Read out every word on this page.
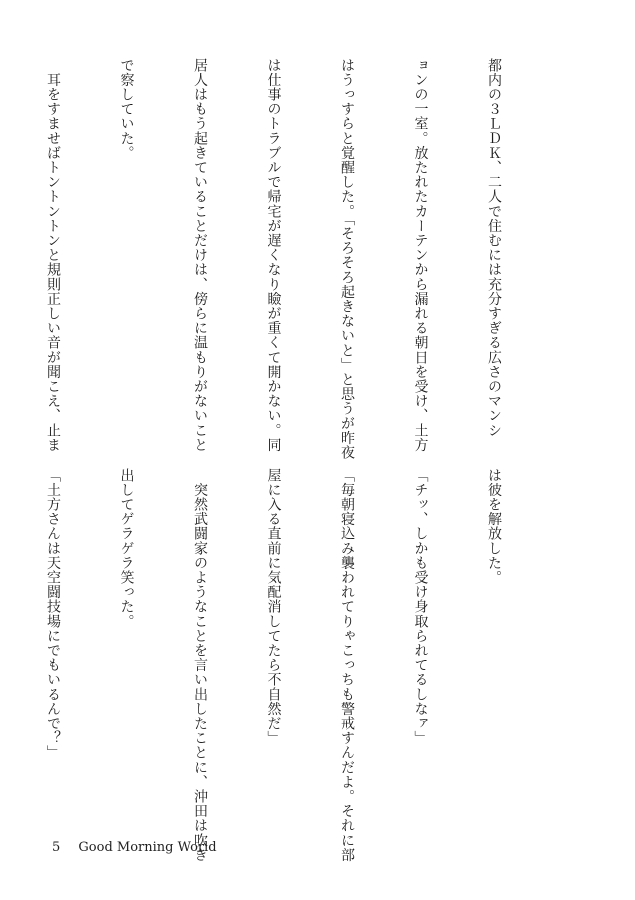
都内の３ＬＤＫ、二人で住むには充分すぎる広さのマンシ

ョンの一室。放たれたカーテンから漏れる朝日を受け、土方

はうっすらと覚醒した。「そろそろ起きないと」と思うが昨夜

は仕事のトラブルで帰宅が遅くなり瞼が重くて開かない。同

居人はもう起きていることだけは、傍らに温もりがないこと

で察していた。

　耳をすませばトントントンと規則正しい音が聞こえ、止ま

は彼を解放した。

「チッ、しかも受け身取られてるしなァ」

「毎朝寝込み襲われてりゃこっちも警戒すんだよ。それに部

屋に入る直前に気配消してたら不自然だ」

　突然武闘家のようなことを言い出したことに、沖田は吹き

出してゲラゲラ笑った。

「土方さんは天空闘技場にでもいるんで？」

5 Good Morning World
